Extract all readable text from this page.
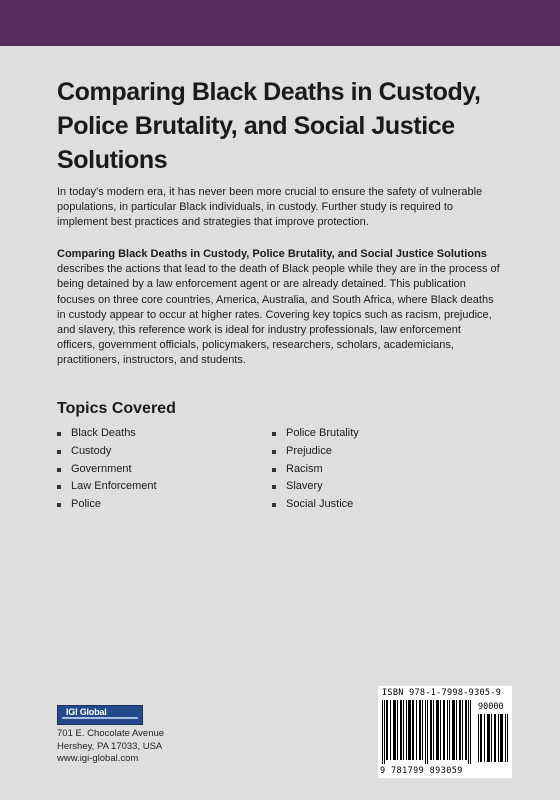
Comparing Black Deaths in Custody, Police Brutality, and Social Justice Solutions
In today's modern era, it has never been more crucial to ensure the safety of vulnerable populations, in particular Black individuals, in custody. Further study is required to implement best practices and strategies that improve protection.
Comparing Black Deaths in Custody, Police Brutality, and Social Justice Solutions describes the actions that lead to the death of Black people while they are in the process of being detained by a law enforcement agent or are already detained. This publication focuses on three core countries, America, Australia, and South Africa, where Black deaths in custody appear to occur at higher rates. Covering key topics such as racism, prejudice, and slavery, this reference work is ideal for industry professionals, law enforcement officers, government officials, policymakers, researchers, scholars, academicians, practitioners, instructors, and students.
Topics Covered
Black Deaths
Custody
Government
Law Enforcement
Police
Police Brutality
Prejudice
Racism
Slavery
Social Justice
IGI Global
701 E. Chocolate Avenue
Hershey, PA 17033, USA
www.igi-global.com
ISBN 978-1-7998-9305-9
90000
9 781799 893059
